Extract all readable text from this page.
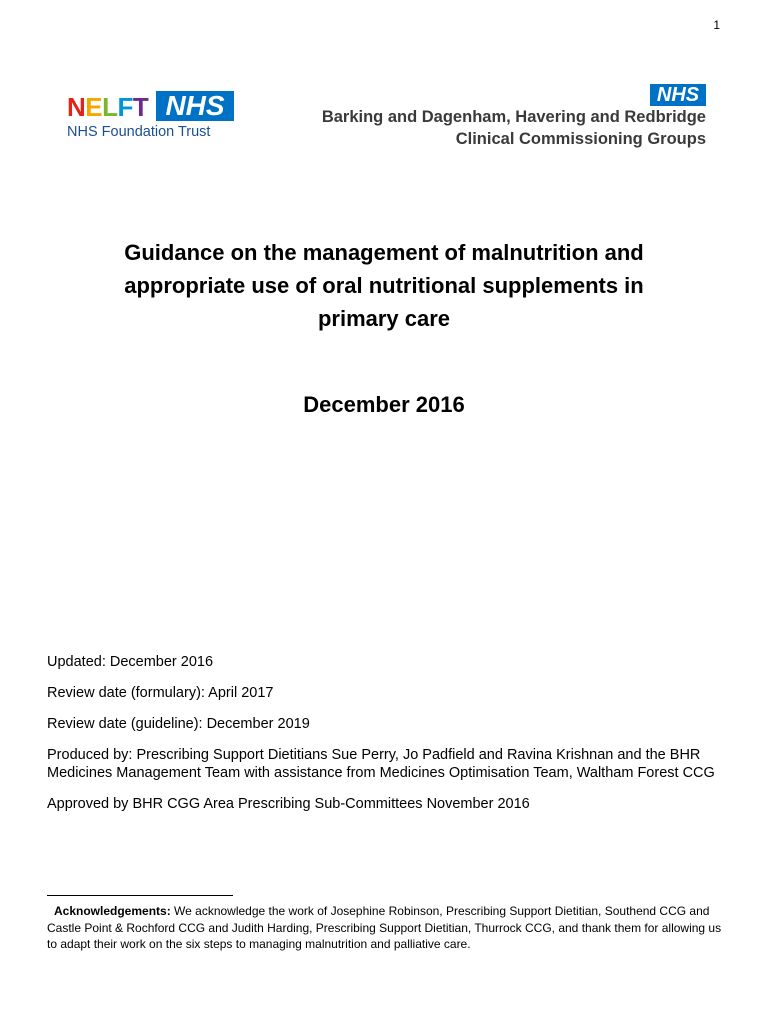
1
NELFT NHS
NHS Foundation Trust
NHS
Barking and Dagenham, Havering and Redbridge
Clinical Commissioning Groups
Guidance on the management of malnutrition and
appropriate use of oral nutritional supplements in
primary care
December 2016

Updated: December 2016

Review date (formulary): April 2017

Review date (guideline): December 2019

Produced by: Prescribing Support Dietitians Sue Perry, Jo Padfield and Ravina Krishnan and the BHR Medicines Management Team with assistance from Medicines Optimisation Team, Waltham Forest CCG

Approved by BHR CGG Area Prescribing Sub-Committees November 2016

Acknowledgements: We acknowledge the work of Josephine Robinson, Prescribing Support Dietitian, Southend CCG and Castle Point & Rochford CCG and Judith Harding, Prescribing Support Dietitian, Thurrock CCG, and thank them for allowing us to adapt their work on the six steps to managing malnutrition and palliative care.
